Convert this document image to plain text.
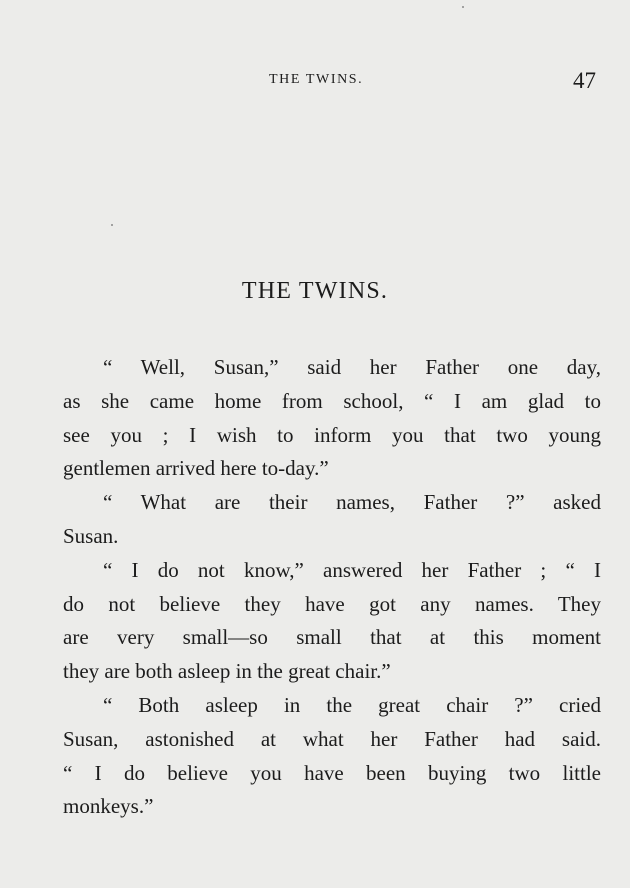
THE TWINS.	47
THE TWINS.
“ Well, Susan,” said her Father one day,
as she came home from school, “ I am glad to
see you ; I wish to inform you that two young
gentlemen arrived here to-day.”
“ What are their names, Father ?” asked
Susan.
“ I do not know,” answered her Father ; “ I
do not believe they have got any names. They
are very small—so small that at this moment
they are both asleep in the great chair.”
“ Both asleep in the great chair ?” cried
Susan, astonished at what her Father had said.
“ I do believe you have been buying two little
monkeys.”
